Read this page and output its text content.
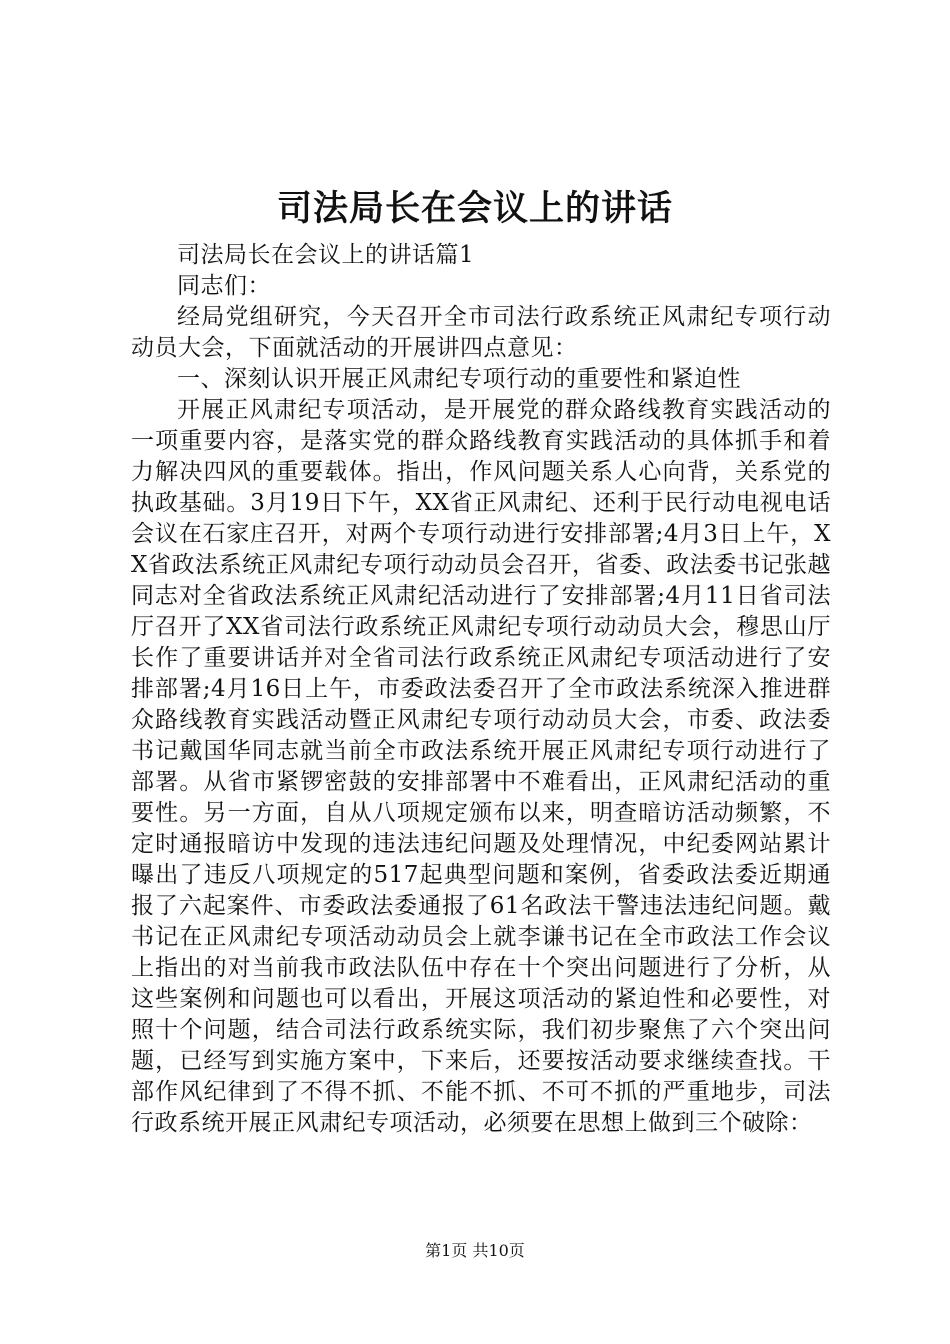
司法局长在会议上的讲话

司法局长在会议上的讲话篇1

同志们：

经局党组研究，今天召开全市司法行政系统正风肃纪专项行动动员大会，下面就活动的开展讲四点意见：

一、深刻认识开展正风肃纪专项行动的重要性和紧迫性

开展正风肃纪专项活动，是开展党的群众路线教育实践活动的一项重要内容，是落实党的群众路线教育实践活动的具体抓手和着力解决四风的重要载体。指出，作风问题关系人心向背，关系党的执政基础。3月19日下午，XX省正风肃纪、还利于民行动电视电话会议在石家庄召开，对两个专项行动进行安排部署;4月3日上午，XX省政法系统正风肃纪专项行动动员会召开，省委、政法委书记张越同志对全省政法系统正风肃纪活动进行了安排部署;4月11日省司法厅召开了XX省司法行政系统正风肃纪专项行动动员大会，穆思山厅长作了重要讲话并对全省司法行政系统正风肃纪专项活动进行了安排部署;4月16日上午，市委政法委召开了全市政法系统深入推进群众路线教育实践活动暨正风肃纪专项行动动员大会，市委、政法委书记戴国华同志就当前全市政法系统开展正风肃纪专项行动进行了部署。从省市紧锣密鼓的安排部署中不难看出，正风肃纪活动的重要性。另一方面，自从八项规定颁布以来，明查暗访活动频繁，不定时通报暗访中发现的违法违纪问题及处理情况，中纪委网站累计曝出了违反八项规定的517起典型问题和案例，省委政法委近期通报了六起案件、市委政法委通报了61名政法干警违法违纪问题。戴书记在正风肃纪专项活动动员会上就李谦书记在全市政法工作会议上指出的对当前我市政法队伍中存在十个突出问题进行了分析，从这些案例和问题也可以看出，开展这项活动的紧迫性和必要性，对照十个问题，结合司法行政系统实际，我们初步聚焦了六个突出问题，已经写到实施方案中，下来后，还要按活动要求继续查找。干部作风纪律到了不得不抓、不能不抓、不可不抓的严重地步，司法行政系统开展正风肃纪专项活动，必须要在思想上做到三个破除：

第1页 共10页
